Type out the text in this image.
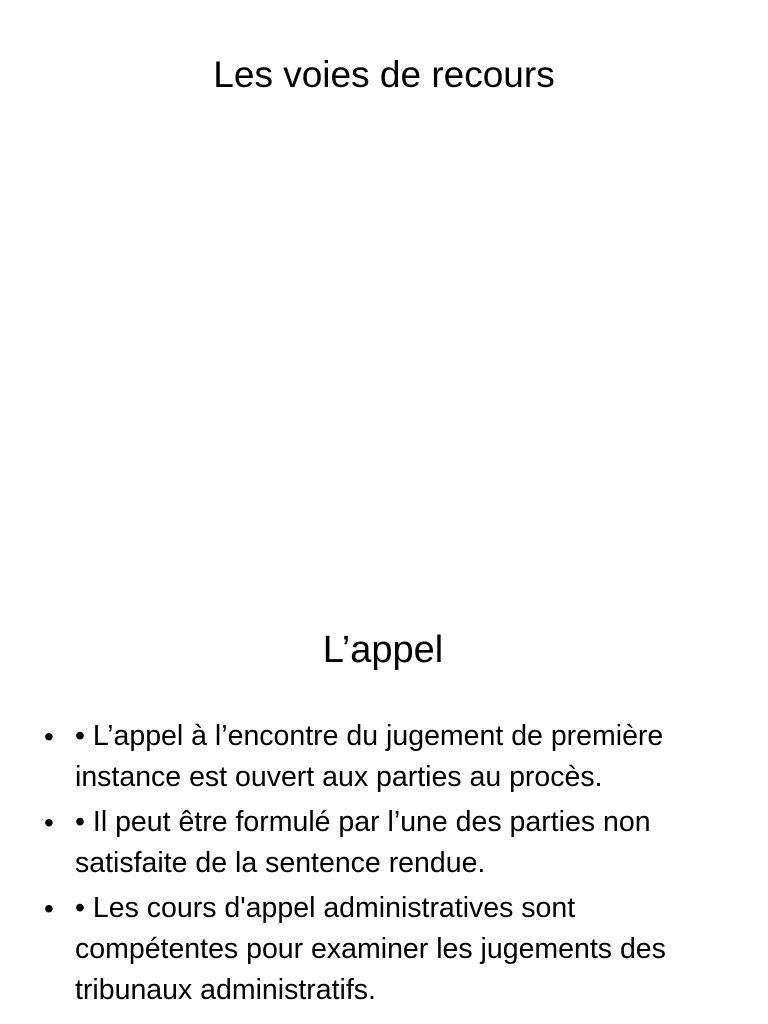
Les voies de recours
L’appel
• • L’appel à l’encontre du jugement de première instance est ouvert aux parties au procès.
• • Il peut être formulé par l’une des parties non satisfaite de la sentence rendue.
• • Les cours d'appel administratives sont compétentes pour examiner les jugements des tribunaux administratifs.
